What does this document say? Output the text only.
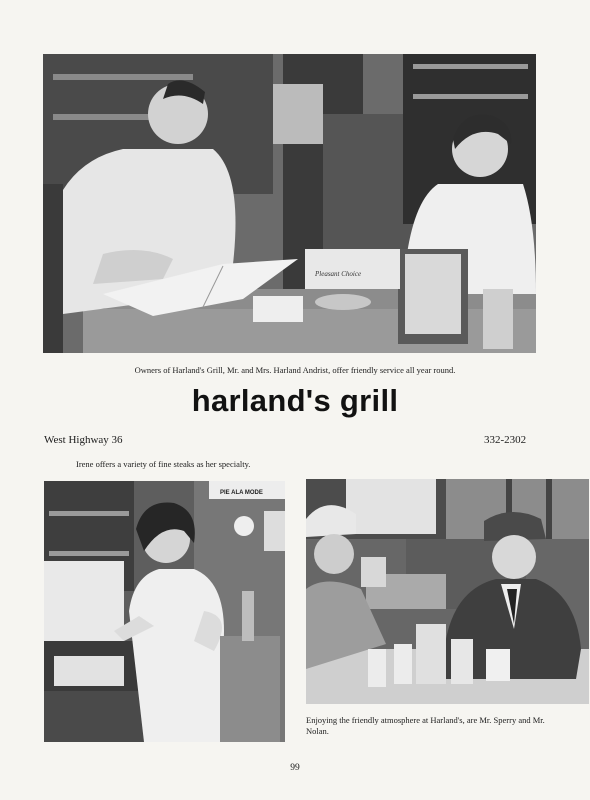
Pleasant Choice
Owners of Harland's Grill, Mr. and Mrs. Harland Andrist, offer friendly service all year round.
harland's grill
West Highway 36	332-2302
Irene offers a variety of fine steaks as her specialty.
PIE ALA MODE
Enjoying the friendly atmosphere at Harland's, are Mr. Sperry and Mr. Nolan.
99
